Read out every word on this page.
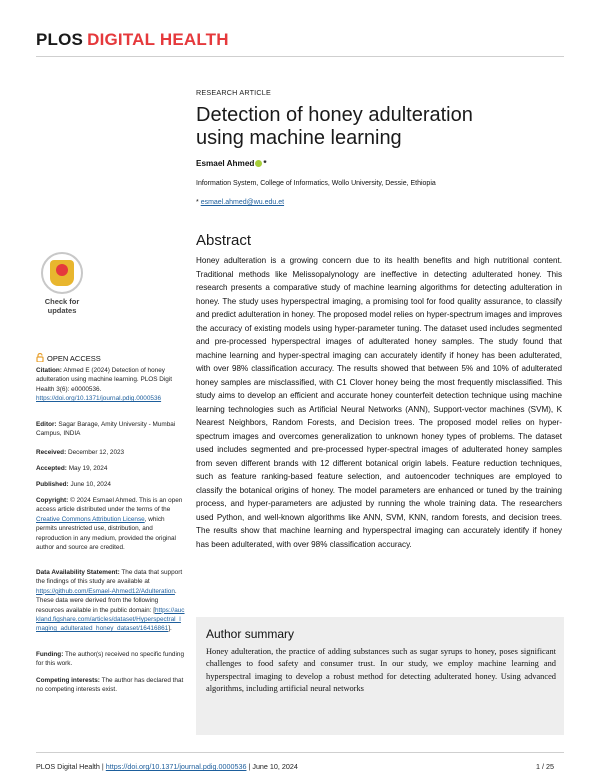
PLOS DIGITAL HEALTH
RESEARCH ARTICLE
Detection of honey adulteration using machine learning
Esmael Ahmed *
Information System, College of Informatics, Wollo University, Dessie, Ethiopia
* esmael.ahmed@wu.edu.et
Abstract
Honey adulteration is a growing concern due to its health benefits and high nutritional content. Traditional methods like Melissopalynology are ineffective in detecting adulterated honey. This research presents a comparative study of machine learning algorithms for detecting adulteration in honey. The study uses hyperspectral imaging, a promising tool for food quality assurance, to classify and predict adulteration in honey. The proposed model relies on hyper-spectrum images and improves the accuracy of existing models using hyper-parameter tuning. The dataset used includes segmented and pre-processed hyperspectral images of adulterated honey samples. The study found that machine learning and hyper-spectral imaging can accurately identify if honey has been adulterated, with over 98% classification accuracy. The results showed that between 5% and 10% of adulterated honey samples are misclassified, with C1 Clover honey being the most frequently misclassified. This study aims to develop an efficient and accurate honey counterfeit detection technique using machine learning technologies such as Artificial Neural Networks (ANN), Support-vector machines (SVM), K Nearest Neighbors, Random Forests, and Decision trees. The proposed model relies on hyper-spectrum images and overcomes generalization to unknown honey types of problems. The dataset used includes segmented and pre-processed hyper-spectral images of adulterated honey samples from seven different brands with 12 different botanical origin labels. Feature reduction techniques, such as feature ranking-based feature selection, and autoencoder techniques are employed to classify the botanical origins of honey. The model parameters are enhanced or tuned by the training process, and hyper-parameters are adjusted by running the whole training data. The researchers used Python, and well-known algorithms like ANN, SVM, KNN, random forests, and decision trees. The results show that machine learning and hyperspectral imaging can accurately identify if honey has been adulterated, with over 98% classification accuracy.
Author summary
Honey adulteration, the practice of adding substances such as sugar syrups to honey, poses significant challenges to food safety and consumer trust. In our study, we employ machine learning and hyperspectral imaging to develop a robust method for detecting adulterated honey. Using advanced algorithms, including artificial neural networks
Check for
updates
OPEN ACCESS
Citation: Ahmed E (2024) Detection of honey adulteration using machine learning. PLOS Digit Health 3(6): e0000536. https://doi.org/10.1371/journal.pdig.0000536
Editor: Sagar Barage, Amity University - Mumbai Campus, INDIA
Received: December 12, 2023
Accepted: May 19, 2024
Published: June 10, 2024
Copyright: © 2024 Esmael Ahmed. This is an open access article distributed under the terms of the Creative Commons Attribution License, which permits unrestricted use, distribution, and reproduction in any medium, provided the original author and source are credited.
Data Availability Statement: The data that support the findings of this study are available at https://github.com/Esmael-Ahmed12/Adulteration. These data were derived from the following resources available in the public domain: [https://auckland.figshare.com/articles/dataset/Hyperspectral_Imaging_adulterated_honey_dataset/16416861].
Funding: The author(s) received no specific funding for this work.
Competing interests: The author has declared that no competing interests exist.
PLOS Digital Health | https://doi.org/10.1371/journal.pdig.0000536 | June 10, 2024	1 / 25
